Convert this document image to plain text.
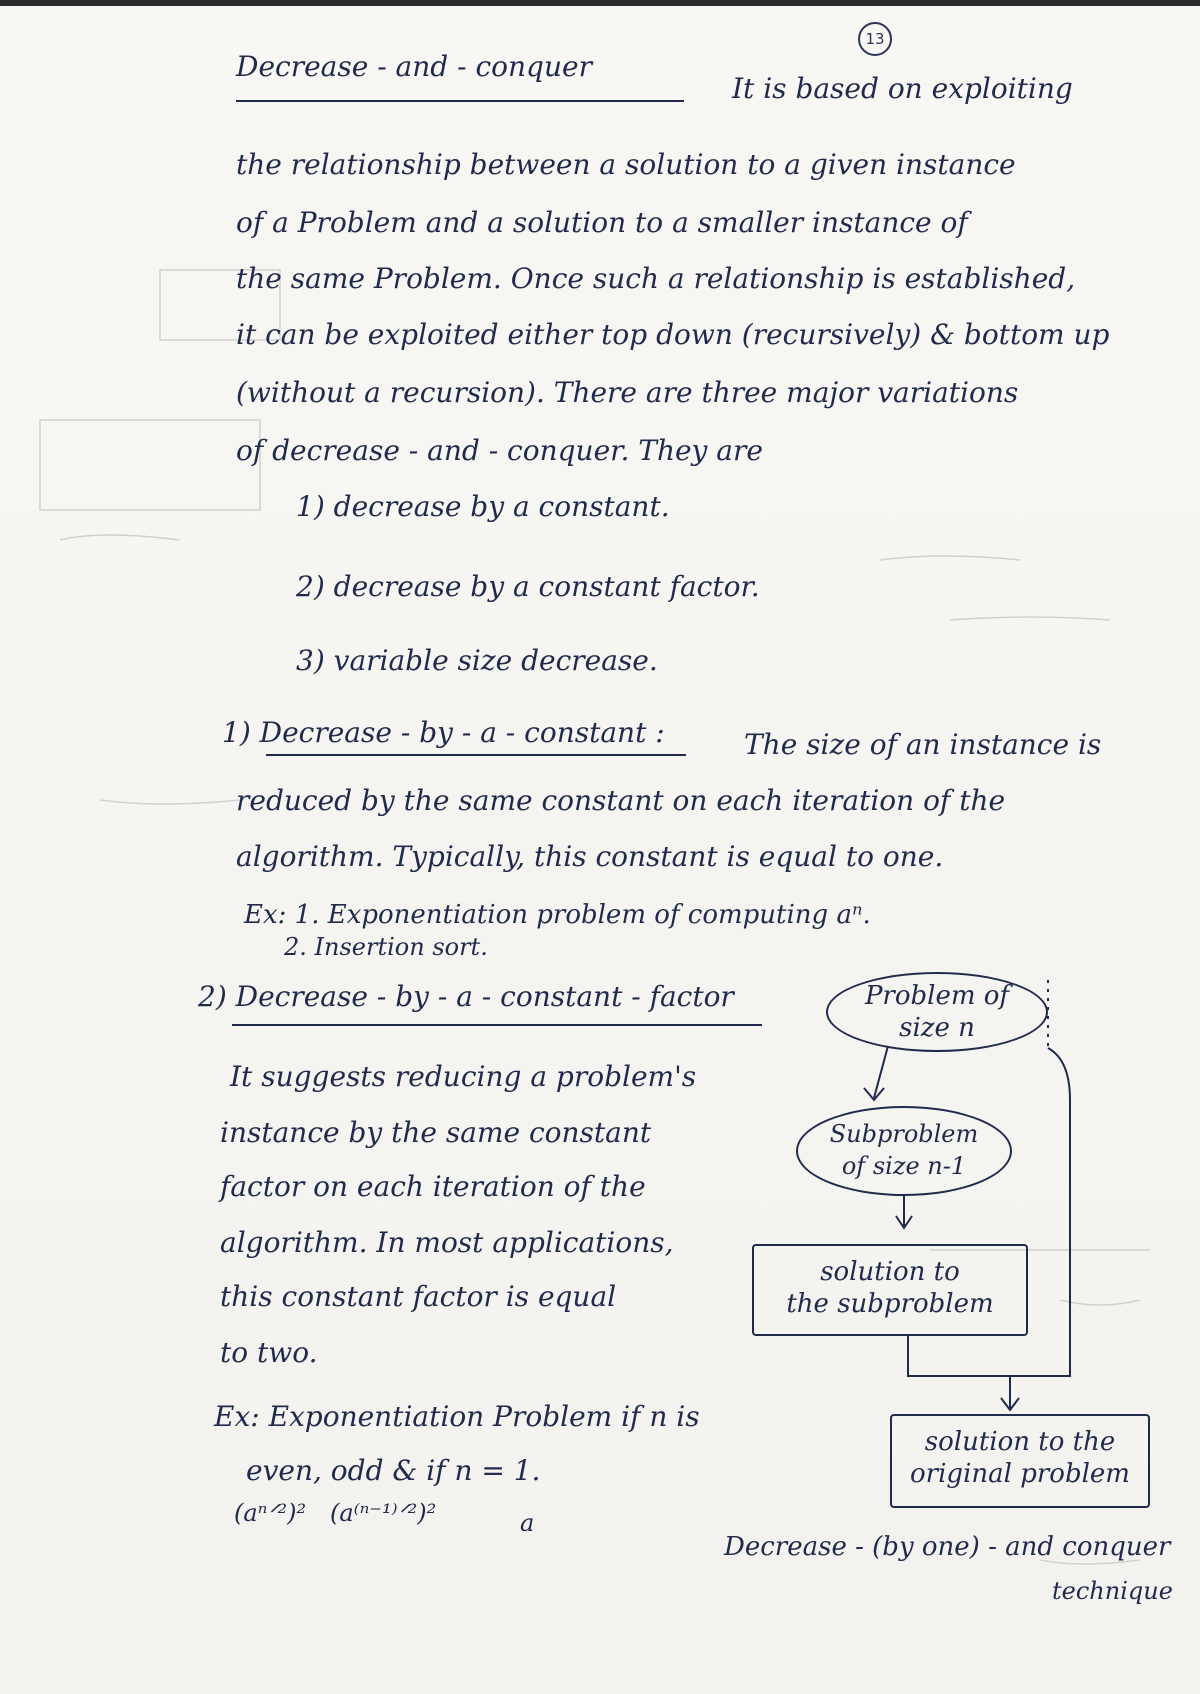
13
Decrease - and - conquer
It is based on exploiting
the relationship between a solution to a given instance
of a Problem and a solution to a smaller instance of
the same Problem. Once such a relationship is established,
it can be exploited either top down (recursively) & bottom up
(without a recursion). There are three major variations
of decrease - and - conquer. They are
1) decrease by a constant.
2) decrease by a constant factor.
3) variable size decrease.
1) Decrease - by - a - constant :	The size of an instance is
reduced by the same constant on each iteration of the
algorithm. Typically, this constant is equal to one.
Ex: 1. Exponentiation problem of computing aⁿ.
2. Insertion sort.
2) Decrease - by - a - constant - factor
It suggests reducing a problem's
instance by the same constant
factor on each iteration of the
algorithm. In most applications,
this constant factor is equal
to two.
Ex: Exponentiation Problem if n is
even, odd & if n = 1.
(aⁿᐟ²)² (a⁽ⁿ⁻¹⁾ᐟ²)²	a
Problem of
size n
Subproblem
of size n-1
solution to
the subproblem
solution to the
original problem
Decrease - (by one) - and conquer
technique
